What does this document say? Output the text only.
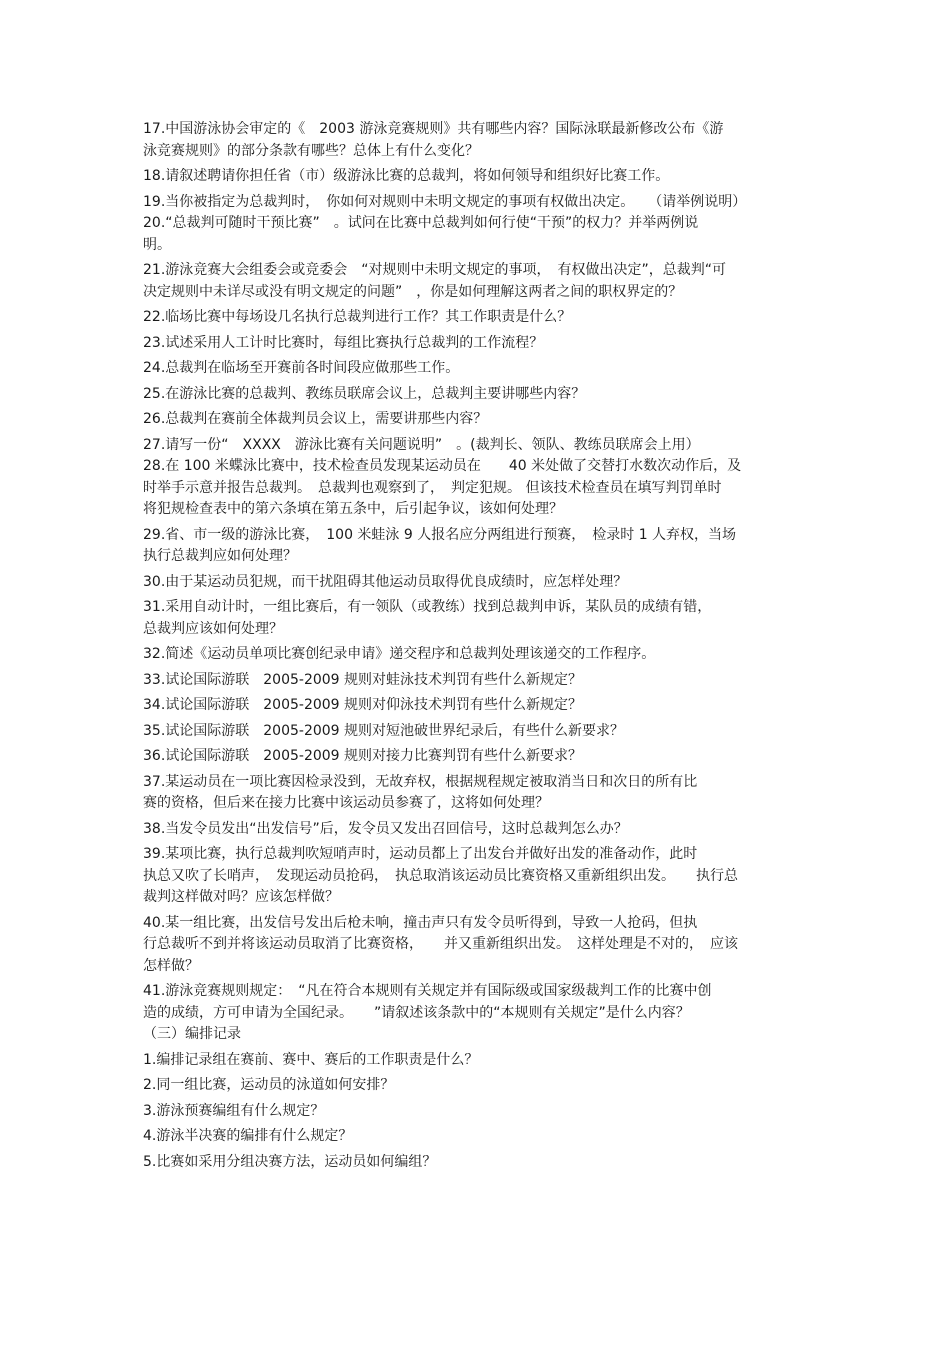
17.中国游泳协会审定的《　2003 游泳竞赛规则》共有哪些内容？国际泳联最新修改公布《游
泳竞赛规则》的部分条款有哪些？总体上有什么变化？
18.请叙述聘请你担任省（市）级游泳比赛的总裁判，将如何领导和组织好比赛工作。
19.当你被指定为总裁判时，　你如何对规则中未明文规定的事项有权做出决定。　　（请举例说明）
20.“总裁判可随时干预比赛”　。试问在比赛中总裁判如何行使“干预”的权力？并举两例说
明。
21.游泳竞赛大会组委会或竞委会　“对规则中未明文规定的事项，　有权做出决定”，总裁判“可
决定规则中未详尽或没有明文规定的问题”　，你是如何理解这两者之间的职权界定的？
22.临场比赛中每场设几名执行总裁判进行工作？其工作职责是什么？
23.试述采用人工计时比赛时，每组比赛执行总裁判的工作流程？
24.总裁判在临场至开赛前各时间段应做那些工作。
25.在游泳比赛的总裁判、教练员联席会议上，总裁判主要讲哪些内容？
26.总裁判在赛前全体裁判员会议上，需要讲那些内容？
27.请写一份“　XXXX　游泳比赛有关问题说明”　。(裁判长、领队、教练员联席会上用）
28.在 100 米蝶泳比赛中，技术检查员发现某运动员在　　40 米处做了交替打水数次动作后，及
时举手示意并报告总裁判。　总裁判也观察到了，　判定犯规。 但该技术检查员在填写判罚单时
将犯规检查表中的第六条填在第五条中，后引起争议，该如何处理？
29.省、市一级的游泳比赛，　100 米蛙泳 9 人报名应分两组进行预赛，　检录时 1 人弃权，当场
执行总裁判应如何处理？
30.由于某运动员犯规，而干扰阻碍其他运动员取得优良成绩时，应怎样处理？
31.采用自动计时，一组比赛后，有一领队（或教练）找到总裁判申诉，某队员的成绩有错，
总裁判应该如何处理？
32.简述《运动员单项比赛创纪录申请》递交程序和总裁判处理该递交的工作程序。
33.试论国际游联　2005-2009 规则对蛙泳技术判罚有些什么新规定？
34.试论国际游联　2005-2009 规则对仰泳技术判罚有些什么新规定？
35.试论国际游联　2005-2009 规则对短池破世界纪录后，有些什么新要求？
36.试论国际游联　2005-2009 规则对接力比赛判罚有些什么新要求？
37.某运动员在一项比赛因检录没到，无故弃权，根据规程规定被取消当日和次日的所有比
赛的资格，但后来在接力比赛中该运动员参赛了，这将如何处理？
38.当发令员发出“出发信号”后，发令员又发出召回信号，这时总裁判怎么办？
39.某项比赛，执行总裁判吹短哨声时，运动员都上了出发台并做好出发的准备动作，此时
执总又吹了长哨声，　发现运动员抢码，　执总取消该运动员比赛资格又重新组织出发。　　执行总
裁判这样做对吗？应该怎样做？
40.某一组比赛，出发信号发出后枪未响，撞击声只有发令员听得到，导致一人抢码，但执
行总裁听不到并将该运动员取消了比赛资格，　　并又重新组织出发。　这样处理是不对的，　应该
怎样做？
41.游泳竞赛规则规定：　“凡在符合本规则有关规定并有国际级或国家级裁判工作的比赛中创
造的成绩，方可申请为全国纪录。　　”请叙述该条款中的“本规则有关规定”是什么内容？
（三）编排记录
1.编排记录组在赛前、赛中、赛后的工作职责是什么？
2.同一组比赛，运动员的泳道如何安排？
3.游泳预赛编组有什么规定？
4.游泳半决赛的编排有什么规定？
5.比赛如采用分组决赛方法，运动员如何编组？
